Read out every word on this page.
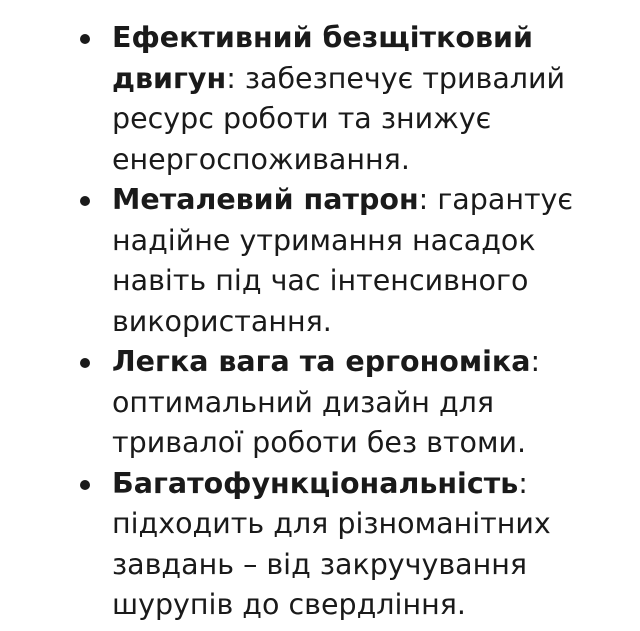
Ефективний безщітковий двигун: забезпечує тривалий ресурс роботи та знижує енергоспоживання.
Металевий патрон: гарантує надійне утримання насадок навіть під час інтенсивного використання.
Легка вага та ергономіка: оптимальний дизайн для тривалої роботи без втоми.
Багатофункціональність: підходить для різноманітних завдань – від закручування шурупів до свердління.
